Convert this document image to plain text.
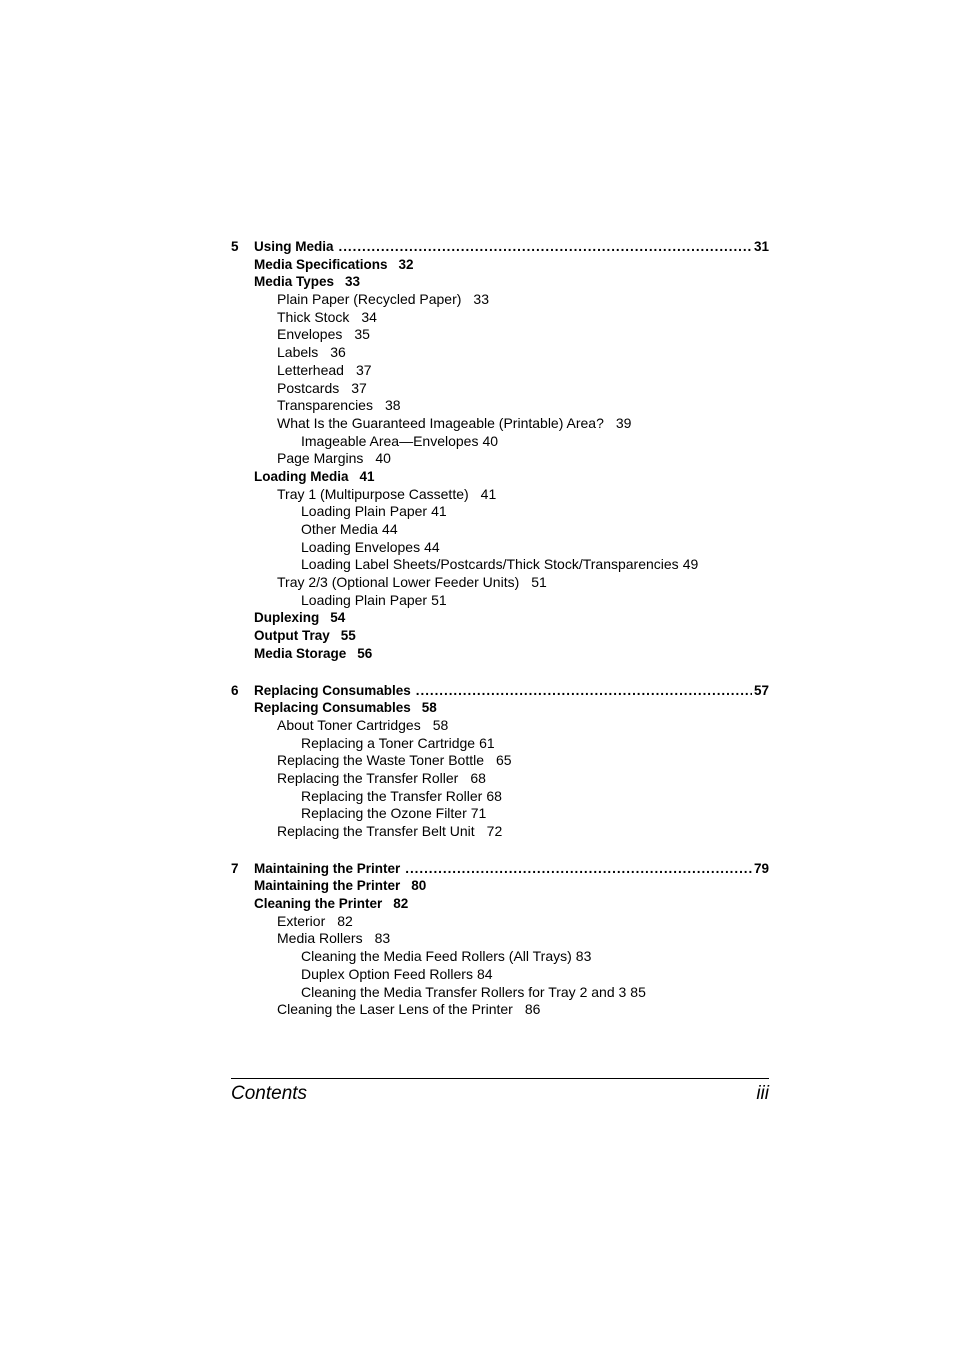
5	Using Media . . .	31
Media Specifications 32
Media Types 33
Plain Paper (Recycled Paper) 33
Thick Stock 34
Envelopes 35
Labels 36
Letterhead 37
Postcards 37
Transparencies 38
What Is the Guaranteed Imageable (Printable) Area? 39
Imageable Area—Envelopes 40
Page Margins 40
Loading Media 41
Tray 1 (Multipurpose Cassette) 41
Loading Plain Paper 41
Other Media 44
Loading Envelopes 44
Loading Label Sheets/Postcards/Thick Stock/Transparencies 49
Tray 2/3 (Optional Lower Feeder Units) 51
Loading Plain Paper 51
Duplexing 54
Output Tray 55
Media Storage 56
6	Replacing Consumables . . .	57
Replacing Consumables 58
About Toner Cartridges 58
Replacing a Toner Cartridge 61
Replacing the Waste Toner Bottle 65
Replacing the Transfer Roller 68
Replacing the Transfer Roller 68
Replacing the Ozone Filter 71
Replacing the Transfer Belt Unit 72
7	Maintaining the Printer . . .	79
Maintaining the Printer 80
Cleaning the Printer 82
Exterior 82
Media Rollers 83
Cleaning the Media Feed Rollers (All Trays) 83
Duplex Option Feed Rollers 84
Cleaning the Media Transfer Rollers for Tray 2 and 3 85
Cleaning the Laser Lens of the Printer 86
Contents	iii
